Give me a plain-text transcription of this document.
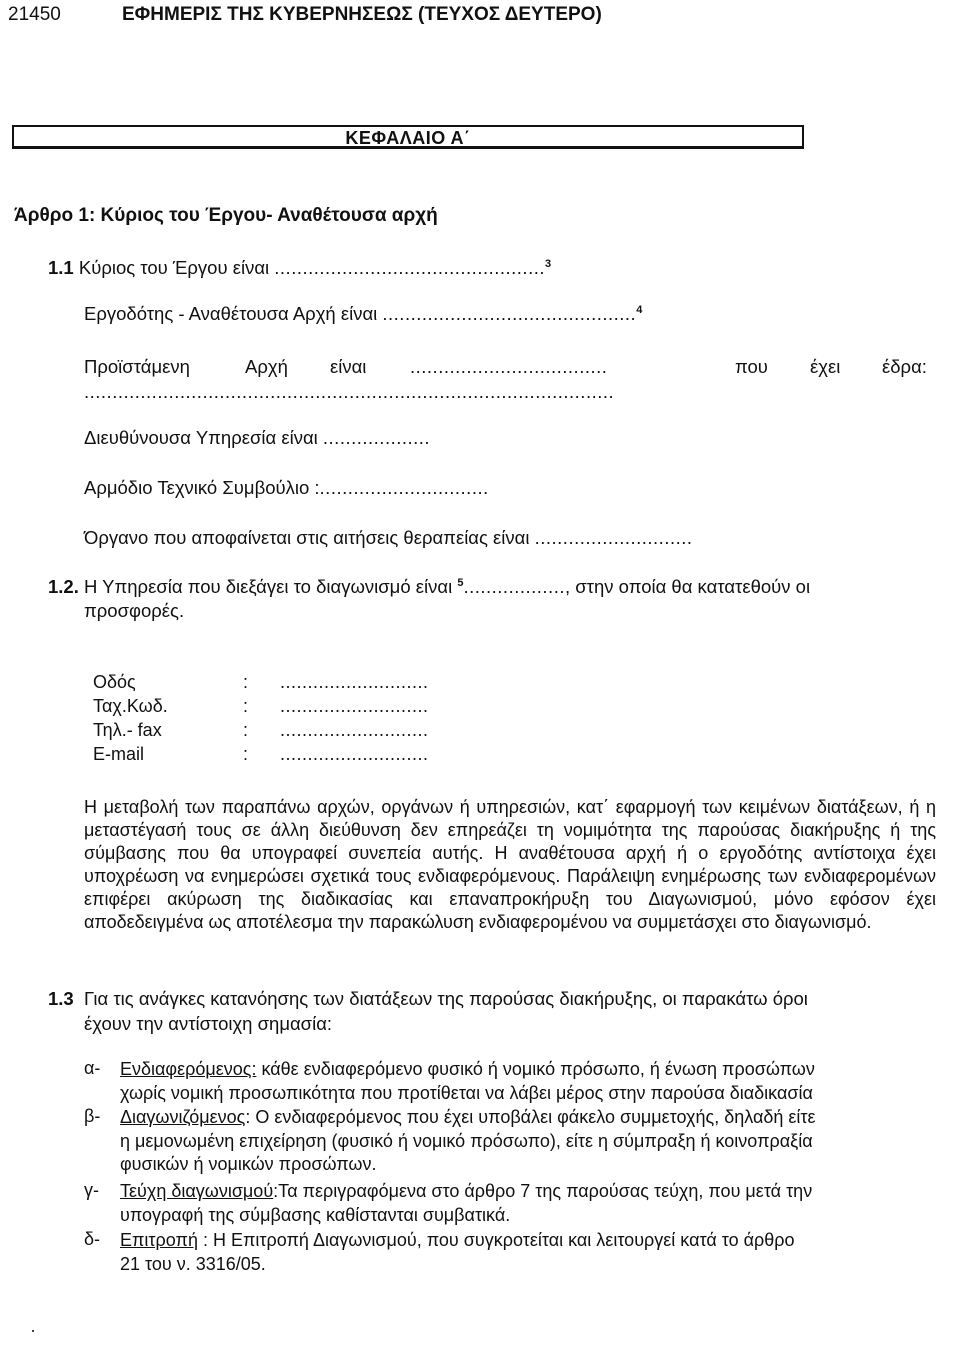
21450	ΕΦΗΜΕΡΙΣ ΤΗΣ ΚΥΒΕΡΝΗΣΕΩΣ (ΤΕΥΧΟΣ ΔΕΥΤΕΡΟ)
ΚΕΦΑΛΑΙΟ Α΄
Άρθρο 1: Κύριος του Έργου- Αναθέτουσα αρχή
1.1 Κύριος του Έργου είναι ................................................$^3$
Εργοδότης - Αναθέτουσα Αρχή είναι .............................................$^4$
Προϊστάμενη	Αρχή είναι ...................................	που έχει έδρα:
..............................................................................................
Διευθύνουσα Υπηρεσία είναι ...................
Αρμόδιο Τεχνικό Συμβούλιο :..............................
Όργανο που αποφαίνεται στις αιτήσεις θεραπείας είναι ............................
1.2. Η Υπηρεσία που διεξάγει το διαγωνισμό είναι $^5$.................., στην οποία θα κατατεθούν οι
προσφορές.
Οδός	: ...........................
Ταχ.Κωδ.	: ...........................
Τηλ.- fax	: ...........................
E-mail	: ...........................
Η μεταβολή των παραπάνω αρχών, οργάνων ή υπηρεσιών, κατ΄ εφαρμογή των κειμένων διατάξεων, ή η μεταστέγασή τους σε άλλη διεύθυνση δεν επηρεάζει τη νομιμότητα της παρούσας διακήρυξης ή της σύμβασης που θα υπογραφεί συνεπεία αυτής. Η αναθέτουσα αρχή ή ο εργοδότης αντίστοιχα έχει υποχρέωση να ενημερώσει σχετικά τους ενδιαφερόμενους. Παράλειψη ενημέρωσης των ενδιαφερομένων επιφέρει ακύρωση της διαδικασίας και επαναπροκήρυξη του Διαγωνισμού, μόνο εφόσον έχει αποδεδειγμένα ως αποτέλεσμα την παρακώλυση ενδιαφερομένου να συμμετάσχει στο διαγωνισμό.
1.3 Για τις ανάγκες κατανόησης των διατάξεων της παρούσας διακήρυξης, οι παρακάτω όροι
έχουν την αντίστοιχη σημασία:
α- Ενδιαφερόμενος: κάθε ενδιαφερόμενο φυσικό ή νομικό πρόσωπο, ή ένωση προσώπων
χωρίς νομική προσωπικότητα που προτίθεται να λάβει μέρος στην παρούσα διαδικασία
β- Διαγωνιζόμενος: Ο ενδιαφερόμενος που έχει υποβάλει φάκελο συμμετοχής, δηλαδή είτε
η μεμονωμένη επιχείρηση (φυσικό ή νομικό πρόσωπο), είτε η σύμπραξη ή κοινοπραξία
φυσικών ή νομικών προσώπων.
γ- Τεύχη διαγωνισμού:Τα περιγραφόμενα στο άρθρο 7 της παρούσας τεύχη, που μετά την
υπογραφή της σύμβασης καθίστανται συμβατικά.
δ- Επιτροπή : Η Επιτροπή Διαγωνισμού, που συγκροτείται και λειτουργεί κατά το άρθρο
21 του ν. 3316/05.
